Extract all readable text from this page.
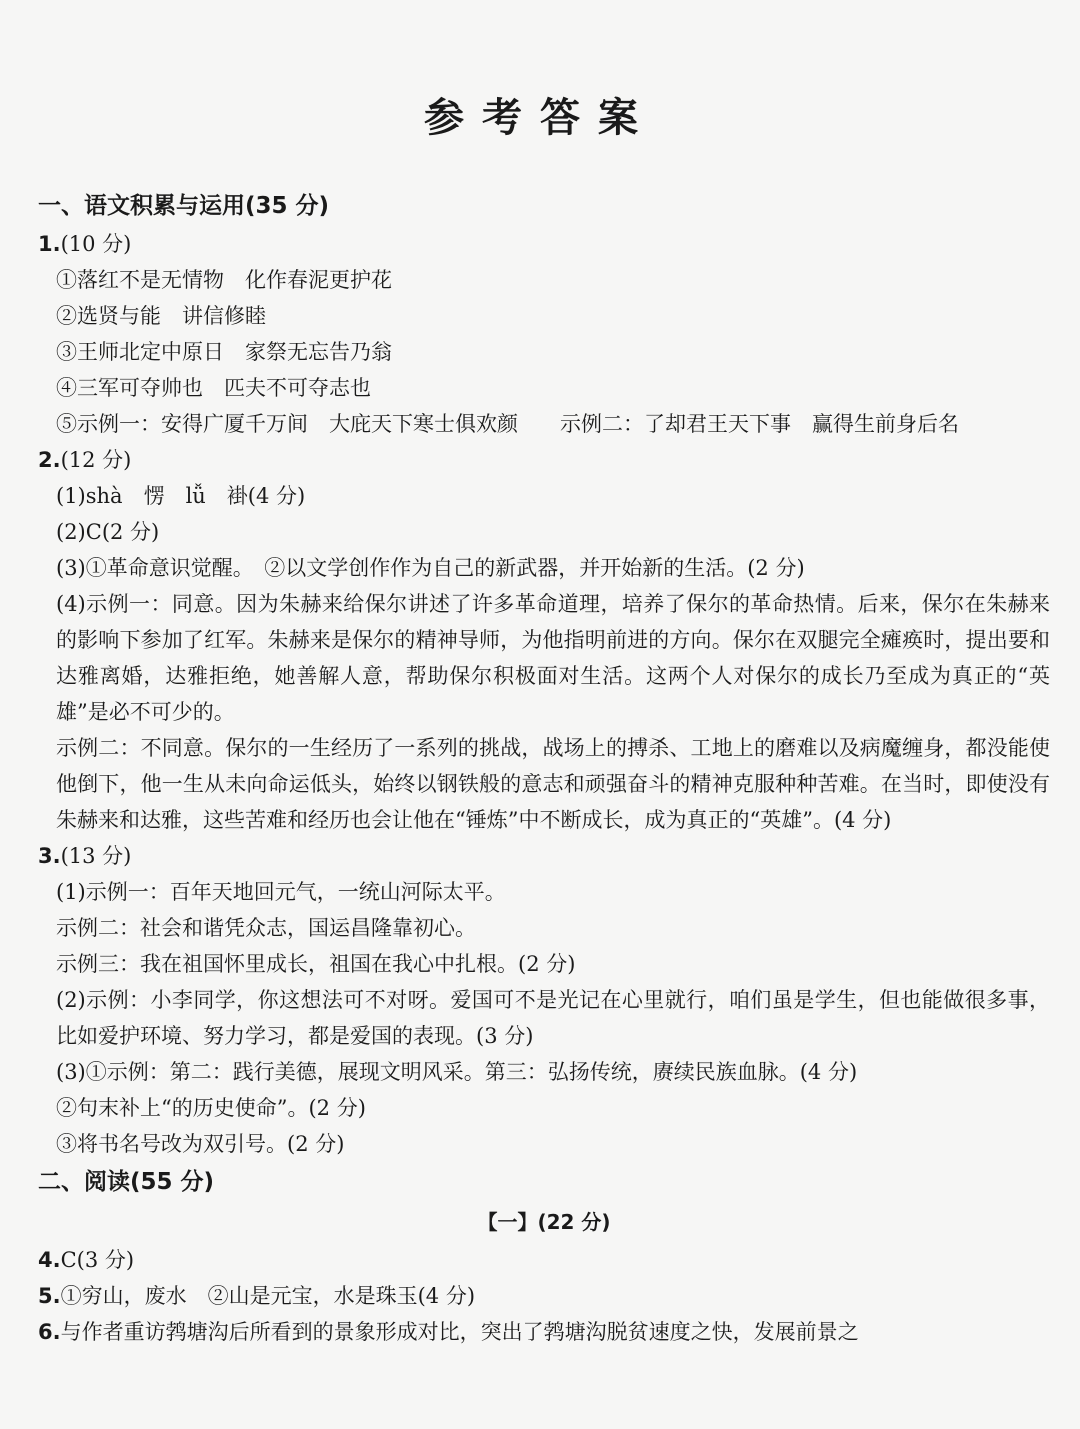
参考答案
一、语文积累与运用(35 分)
1.(10 分)
①落红不是无情物　化作春泥更护花
②选贤与能　讲信修睦
③王师北定中原日　家祭无忘告乃翁
④三军可夺帅也　匹夫不可夺志也
⑤示例一：安得广厦千万间　大庇天下寒士俱欢颜　　示例二：了却君王天下事　赢得生前身后名
2.(12 分)
(1)shà　愣　lǚ　褂(4 分)
(2)C(2 分)
(3)①革命意识觉醒。　②以文学创作作为自己的新武器，并开始新的生活。(2 分)
(4)示例一：同意。因为朱赫来给保尔讲述了许多革命道理，培养了保尔的革命热情。后来，保尔在朱赫来的影响下参加了红军。朱赫来是保尔的精神导师，为他指明前进的方向。保尔在双腿完全瘫痪时，提出要和达雅离婚，达雅拒绝，她善解人意，帮助保尔积极面对生活。这两个人对保尔的成长乃至成为真正的“英雄”是必不可少的。
示例二：不同意。保尔的一生经历了一系列的挑战，战场上的搏杀、工地上的磨难以及病魔缠身，都没能使他倒下，他一生从未向命运低头，始终以钢铁般的意志和顽强奋斗的精神克服种种苦难。在当时，即使没有朱赫来和达雅，这些苦难和经历也会让他在“锤炼”中不断成长，成为真正的“英雄”。(4 分)
3.(13 分)
(1)示例一：百年天地回元气，一统山河际太平。
示例二：社会和谐凭众志，国运昌隆靠初心。
示例三：我在祖国怀里成长，祖国在我心中扎根。(2 分)
(2)示例：小李同学，你这想法可不对呀。爱国可不是光记在心里就行，咱们虽是学生，但也能做很多事，比如爱护环境、努力学习，都是爱国的表现。(3 分)
(3)①示例：第二：践行美德，展现文明风采。第三：弘扬传统，赓续民族血脉。(4 分)
②句末补上“的历史使命”。(2 分)
③将书名号改为双引号。(2 分)
二、阅读(55 分)
【一】(22 分)
4.C(3 分)
5.①穷山，废水　②山是元宝，水是珠玉(4 分)
6.与作者重访鹁塘沟后所看到的景象形成对比，突出了鹁塘沟脱贫速度之快，发展前景之
